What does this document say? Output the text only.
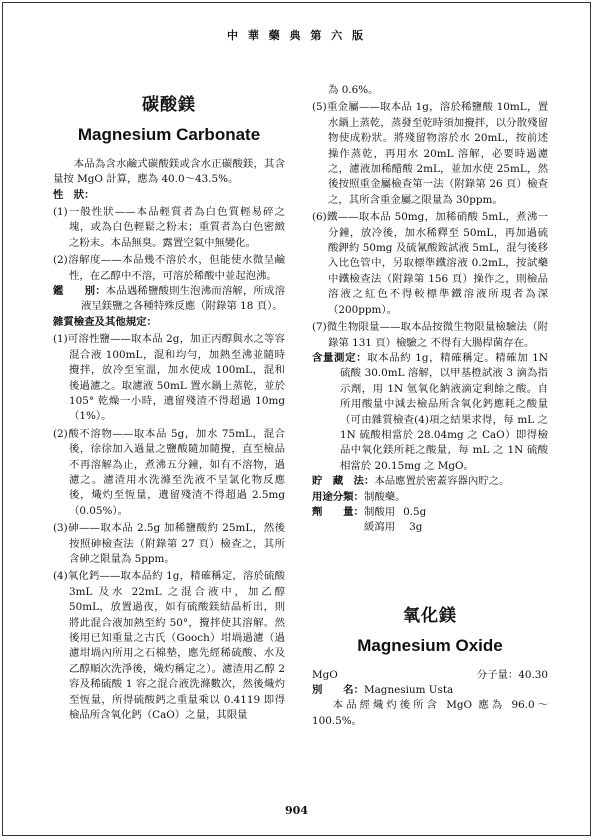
中 華 藥 典 第 六 版
碳酸鎂
Magnesium Carbonate

本品為含水鹼式碳酸鎂或含水正碳酸鎂，其含量按 MgO 計算，應為 40.0～43.5%。

性　狀：

(1)一般性狀——本品輕質者為白色質輕易碎之塊，或為白色輕鬆之粉末；重質者為白色密緻之粉末。本品無臭。露置空氣中無變化。

(2)溶解度——本品幾不溶於水，但能使水微呈鹼性，在乙醇中不溶，可溶於稀酸中並起泡沸。

鑑　　別：本品遇稀鹽酸則生泡沸而溶解，所成溶液呈鎂鹽之各種特殊反應（附錄第 18 頁）。

雜質檢查及其他規定：

(1)可溶性鹽——取本品 2g，加正丙醇與水之等容混合液 100mL，混和均勻，加熱至沸並隨時攪拌，放冷至室溫，加水使成 100mL，混和後過濾之。取濾液 50mL 置水鍋上蒸乾，並於 105° 乾燥一小時，遺留殘渣不得超過 10mg（1%）。

(2)酸不溶物——取本品 5g，加水 75mL，混合後，徐徐加入過量之鹽酸隨加隨攪，直至檢品不再溶解為止，煮沸五分鐘，如有不溶物，過濾之。濾渣用水洗滌至洗液不呈氯化物反應後，熾灼至恆量，遺留殘渣不得超過 2.5mg（0.05%）。

(3)砷——取本品 2.5g 加稀鹽酸約 25mL，然後按照砷檢查法（附錄第 27 頁）檢查之，其所含砷之限量為 5ppm。

(4)氧化鈣——取本品約 1g，精確稱定，溶於硫酸 3mL 及水 22mL 之混合液中，加乙醇 50mL，放置過夜，如有硫酸鎂結晶析出，則將此混合液加熱至約 50°，攪拌使其溶解。然後用已知重量之古氏（Gooch）坩堝過濾（過濾坩堝內所用之石棉墊，應先經稀硫酸、水及乙醇順次洗淨後，熾灼稱定之）。濾渣用乙醇 2 容及稀硫酸 1 容之混合液洗滌數次，然後熾灼至恆量，所得硫酸鈣之重量乘以 0.4119 即得檢品所含氧化鈣（CaO）之量，其限量

為 0.6%。

(5)重金屬——取本品 1g，溶於稀鹽酸 10mL，置水鍋上蒸乾，蒸發至乾時須加攪拌，以分散殘留物使成粉狀。將殘留物溶於水 20mL，按前述操作蒸乾，再用水 20mL 溶解，必要時過濾之，濾液加稀醋酸 2mL，並加水使 25mL，然後按照重金屬檢查第一法（附錄第 26 頁）檢查之，其所含重金屬之限量為 30ppm。

(6)鐵——取本品 50mg，加稀硝酸 5mL，煮沸一分鐘，放冷後，加水稀釋至 50mL，再加過硫酸鉀約 50mg 及硫氰酸銨試液 5mL，混勻後移入比色管中，另取標準鐵溶液 0.2mL，按試藥中鐵檢查法（附錄第 156 頁）操作之，則檢品溶液之紅色不得較標準鐵溶液所現者為深（200ppm）。

(7)微生物限量——取本品按微生物限量檢驗法（附錄第 131 頁）檢驗之 不得有大腸桿菌存在。

含量測定：取本品約 1g，精確稱定。精確加 1N 硫酸 30.0mL 溶解，以甲基橙試液 3 滴為指示劑，用 1N 氫氧化鈉液滴定剩餘之酸。自所用酸量中減去檢品所含氧化鈣應耗之酸量（可由雜質檢查(4)項之結果求得，每 mL 之 1N 硫酸相當於 28.04mg 之 CaO）即得檢品中氧化鎂所耗之酸量，每 mL 之 1N 硫酸相當於 20.15mg 之 MgO。

貯　藏　法：本品應置於密蓋容器內貯之。

用途分類：制酸藥。

劑　　量：制酸用 0.5g

緩瀉用 3g

氧化鎂
Magnesium Oxide
MgO	分子量：40.30

別　　名：Magnesium Usta

本品經熾灼後所含 MgO 應為 96.0～100.5%。

904
